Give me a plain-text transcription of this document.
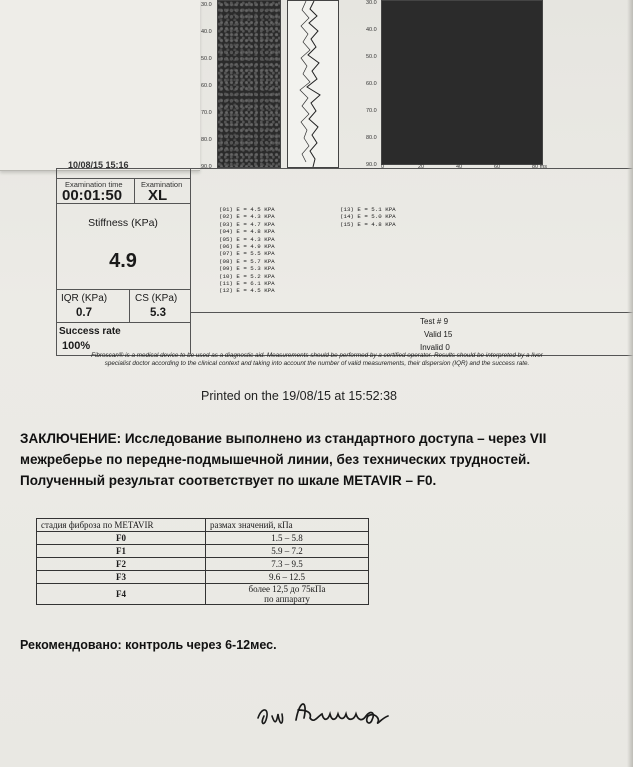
30.0
40.0
50.0
60.0
70.0
80.0
90.0
30.0
40.0
50.0
60.0
70.0
80.0
90.0 0	20	40	60	80 ms
10/08/15 15:16
Examination time
00:01:50
Examination
XL
Stiffness (KPa)
4.9
IQR (KPa)
0.7
CS (KPa)
5.3
Success rate
100%
(01) E = 4.5 KPA
(02) E = 4.3 KPA
(03) E = 4.7 KPA
(04) E = 4.8 KPA
(05) E = 4.3 KPA
(06) E = 4.9 KPA
(07) E = 5.5 KPA
(08) E = 5.7 KPA
(09) E = 5.3 KPA
(10) E = 5.2 KPA
(11) E = 6.1 KPA
(12) E = 4.5 KPA
(13) E = 5.1 KPA
(14) E = 5.0 KPA
(15) E = 4.8 KPA
Test # 9
Valid 15
Invalid 0
Fibroscan® is a medical device to be used as a diagnostic aid. Measurements should be performed by a certified operator. Results should be interpreted by a liver specialist doctor according to the clinical context and taking into account the number of valid measurements, their dispersion (IQR) and the success rate.
Printed on the 19/08/15 at 15:52:38
ЗАКЛЮЧЕНИЕ: Исследование выполнено из стандартного доступа – через VII межреберье по передне-подмышечной линии, без технических трудностей. Полученный результат соответствует по шкале METAVIR – F0.
стадия фиброза по METAVIR	размах значений, кПа
F0	1.5 – 5.8

F1	5.9 – 7.2

F2	7.3 – 9.5

F3	9.6 – 12.5

F4	более 12,5 до 75кПа
по аппарату
Рекомендовано: контроль через 6-12мес.
